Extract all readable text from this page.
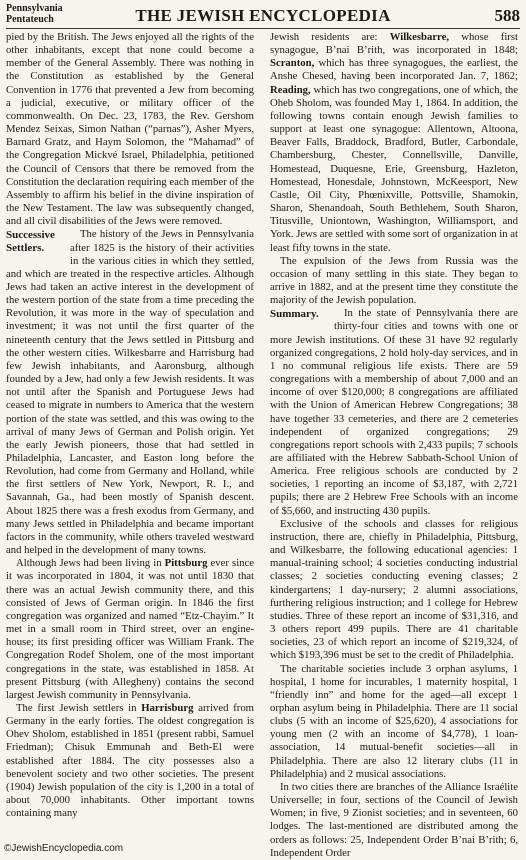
Pennsylvania
Pentateuch	THE JEWISH ENCYCLOPEDIA	588

pied by the British. The Jews enjoyed all the rights of the other inhabitants, except that none could become a member of the General Assembly. There was nothing in the Constitution as established by the General Convention in 1776 that prevented a Jew from becoming a judicial, executive, or military officer of the commonwealth. On Dec. 23, 1783, the Rev. Gershom Mendez Seixas, Simon Nathan (“parnas”), Asher Myers, Barnard Gratz, and Haym Solomon, the “Mahamad” of the Congregation Mickvé Israel, Philadelphia, petitioned the Council of Censors that there be removed from the Constitution the declaration requiring each member of the Assembly to affirm his belief in the divine inspiration of the New Testament. The law was subsequently changed, and all civil disabilities of the Jews were removed.

Successive Settlers.
The history of the Jews in Pennsylvania after 1825 is the history of their activities in the various cities in which they settled, and which are treated in the respective articles. Although Jews had taken an active interest in the development of the western portion of the state from a time preceding the Revolution, it was more in the way of speculation and investment; it was not until the first quarter of the nineteenth century that the Jews settled in Pittsburg and the other western cities. Wilkesbarre and Harrisburg had few Jewish inhabitants, and Aaronsburg, although founded by a Jew, had only a few Jewish residents. It was not until after the Spanish and Portuguese Jews had ceased to migrate in numbers to America that the western portion of the state was settled, and this was owing to the arrival of many Jews of German and Polish origin. Yet the early Jewish pioneers, those that had settled in Philadelphia, Lancaster, and Easton long before the Revolution, had come from Germany and Holland, while the first settlers of New York, Newport, R. I., and Savannah, Ga., had been mostly of Spanish descent. About 1825 there was a fresh exodus from Germany, and many Jews settled in Philadelphia and became important factors in the community, while others traveled westward and helped in the development of many towns.

Although Jews had been living in Pittsburg ever since it was incorporated in 1804, it was not until 1830 that there was an actual Jewish community there, and this consisted of Jews of German origin. In 1846 the first congregation was organized and named “Etz-Chayim.” It met in a small room in Third street, over an engine-house; its first presiding officer was William Frank. The Congregation Rodef Sholem, one of the most important congregations in the state, was established in 1858. At present Pittsburg (with Allegheny) contains the second largest Jewish community in Pennsylvania.

The first Jewish settlers in Harrisburg arrived from Germany in the early forties. The oldest congregation is Ohev Sholom, established in 1851 (present rabbi, Samuel Friedman); Chisuk Emmunah and Beth-El were established after 1884. The city possesses also a benevolent society and two other societies. The present (1904) Jewish population of the city is 1,200 in a total of about 70,000 inhabitants. Other important towns containing many

Jewish residents are: Wilkesbarre, whose first synagogue, B’nai B’rith, was incorporated in 1848; Scranton, which has three synagogues, the earliest, the Anshe Chesed, having been incorporated Jan. 7, 1862; Reading, which has two congregations, one of which, the Oheb Sholom, was founded May 1, 1864. In addition, the following towns contain enough Jewish families to support at least one synagogue: Allentown, Altoona, Beaver Falls, Braddock, Bradford, Butler, Carbondale, Chambersburg, Chester, Connellsville, Danville, Homestead, Duquesne, Erie, Greensburg, Hazleton, Homestead, Honesdale, Johnstown, McKeesport, New Castle, Oil City, Phœnixville, Pottsville, Shamokin, Sharon, Shenandoah, South Bethlehem, South Sharon, Titusville, Uniontown, Washington, Williamsport, and York. Jews are settled with some sort of organization in at least fifty towns in the state.

The expulsion of the Jews from Russia was the occasion of many settling in this state. They began to arrive in 1882, and at the present time they constitute the majority of the Jewish population.

Summary.	In the state of Pennsylvania there are thirty-four cities and towns with one or more Jewish institutions. Of these 31 have 92 regularly organized congregations, 2 hold holy-day services, and in 1 no communal religious life exists. There are 59 congregations with a membership of about 7,000 and an income of over $120,000; 8 congregations are affiliated with the Union of American Hebrew Congregations; 38 have together 33 cemeteries, and there are 2 cemeteries independent of organized congregations; 29 congregations report schools with 2,433 pupils; 7 schools are affiliated with the Hebrew Sabbath-School Union of America. Free religious schools are conducted by 2 societies, 1 reporting an income of $3,187, with 2,721 pupils; there are 2 Hebrew Free Schools with an income of $5,660, and instructing 430 pupils.

Exclusive of the schools and classes for religious instruction, there are, chiefly in Philadelphia, Pittsburg, and Wilkesbarre, the following educational agencies: 1 manual-training school; 4 societies conducting industrial classes; 2 societies conducting evening classes; 2 kindergartens; 1 day-nursery; 2 alumni associations, furthering religious instruction; and 1 college for Hebrew studies. Three of these report an income of $31,316, and 3 others report 499 pupils. There are 41 charitable societies, 23 of which report an income of $219,324, of which $193,396 must be set to the credit of Philadelphia.

The charitable societies include 3 orphan asylums, 1 hospital, 1 home for incurables, 1 maternity hospital, 1 “friendly inn” and home for the aged—all except 1 orphan asylum being in Philadelphia. There are 11 social clubs (5 with an income of $25,620), 4 associations for young men (2 with an income of $4,778), 1 loan-association, 14 mutual-benefit societies—all in Philadelphia. There are also 12 literary clubs (11 in Philadelphia) and 2 musical associations.

In two cities there are branches of the Alliance Israélite Universelle; in four, sections of the Council of Jewish Women; in five, 9 Zionist societies; and in seventeen, 60 lodges. The last-mentioned are distributed among the orders as follows: 25, Independent Order B’nai B’rith; 6, Independent Order

©JewishEncyclopedia.com
